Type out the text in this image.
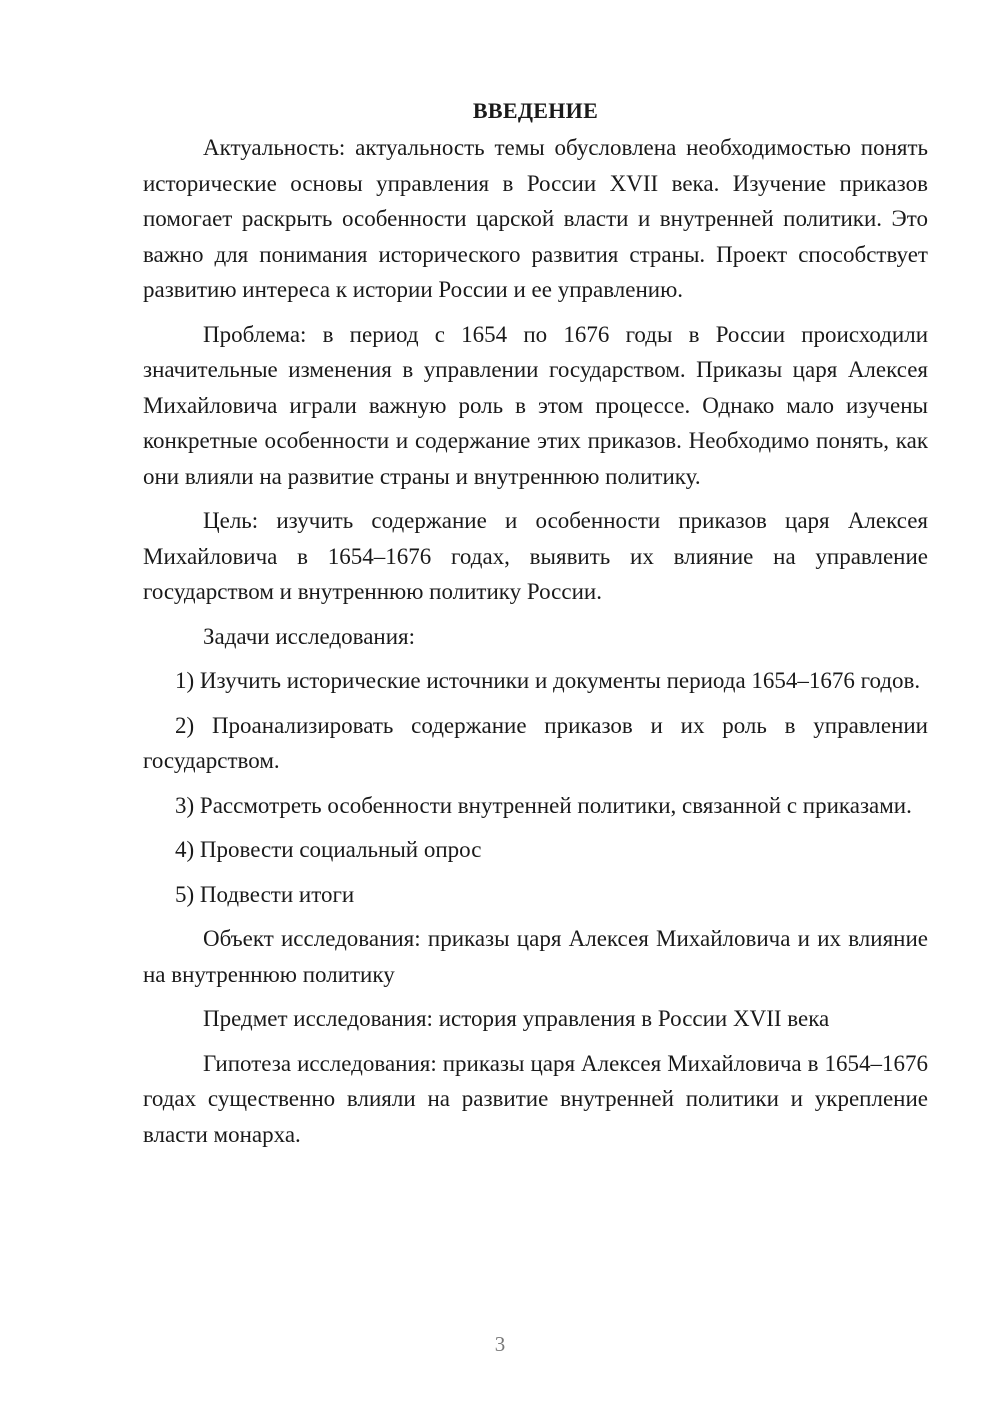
ВВЕДЕНИЕ

Актуальность: актуальность темы обусловлена необходимостью понять исторические основы управления в России XVII века. Изучение приказов помогает раскрыть особенности царской власти и внутренней политики. Это важно для понимания исторического развития страны. Проект способствует развитию интереса к истории России и ее управлению.

Проблема: в период с 1654 по 1676 годы в России происходили значительные изменения в управлении государством. Приказы царя Алексея Михайловича играли важную роль в этом процессе. Однако мало изучены конкретные особенности и содержание этих приказов. Необходимо понять, как они влияли на развитие страны и внутреннюю политику.

Цель: изучить содержание и особенности приказов царя Алексея Михайловича в 1654–1676 годах, выявить их влияние на управление государством и внутреннюю политику России.

Задачи исследования:

1) Изучить исторические источники и документы периода 1654–1676 годов.

2) Проанализировать содержание приказов и их роль в управлении государством.

3) Рассмотреть особенности внутренней политики, связанной с приказами.

4) Провести социальный опрос

5) Подвести итоги

Объект исследования: приказы царя Алексея Михайловича и их влияние на внутреннюю политику

Предмет исследования: история управления в России XVII века

Гипотеза исследования: приказы царя Алексея Михайловича в 1654–1676 годах существенно влияли на развитие внутренней политики и укрепление власти монарха.

3
